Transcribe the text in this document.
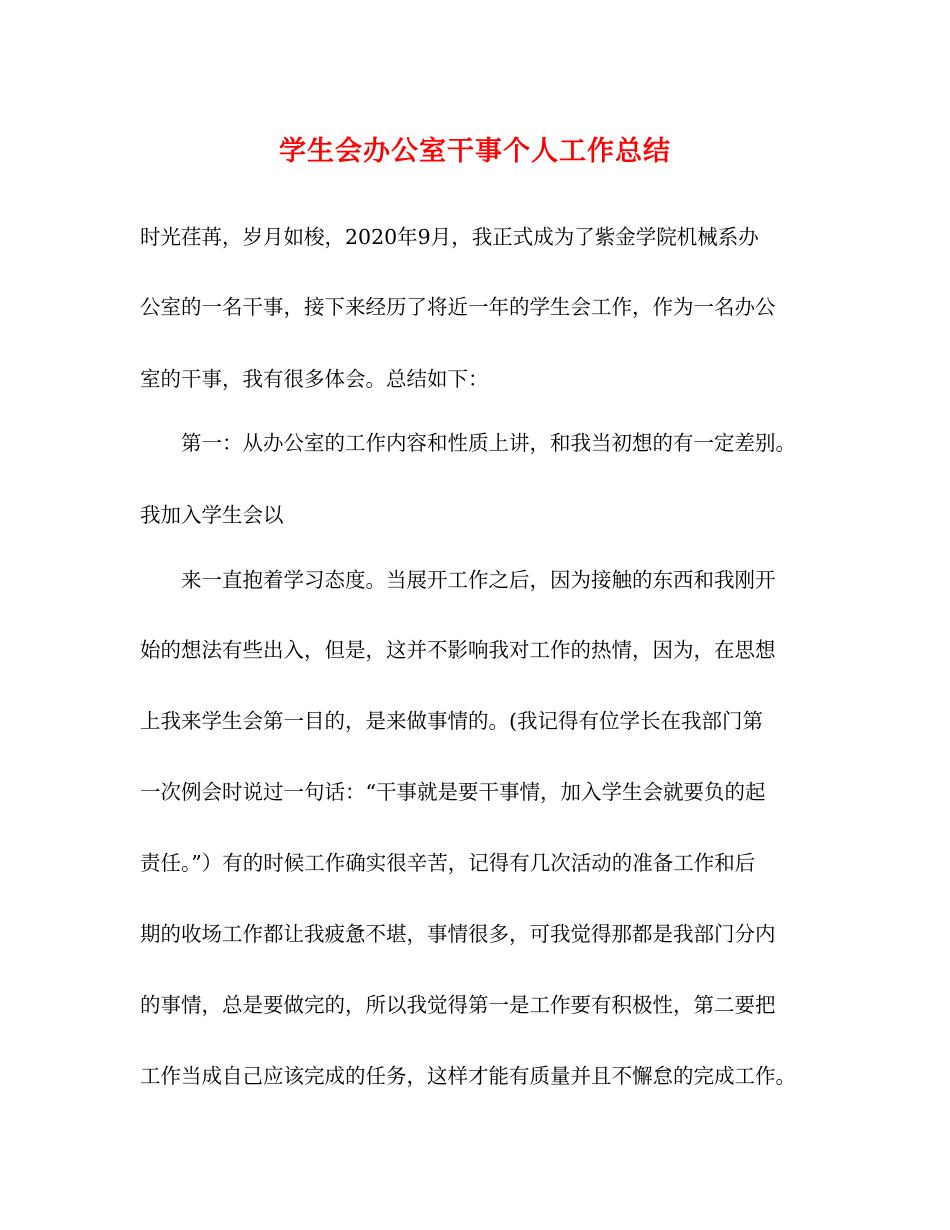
学生会办公室干事个人工作总结
时光荏苒，岁月如梭，2020年9月，我正式成为了紫金学院机械系办
公室的一名干事，接下来经历了将近一年的学生会工作，作为一名办公
室的干事，我有很多体会。总结如下：
　　第一：从办公室的工作内容和性质上讲，和我当初想的有一定差别。
我加入学生会以
　　来一直抱着学习态度。当展开工作之后，因为接触的东西和我刚开
始的想法有些出入，但是，这并不影响我对工作的热情，因为，在思想
上我来学生会第一目的，是来做事情的。(我记得有位学长在我部门第
一次例会时说过一句话：“干事就是要干事情，加入学生会就要负的起
责任。”）有的时候工作确实很辛苦，记得有几次活动的准备工作和后
期的收场工作都让我疲惫不堪，事情很多，可我觉得那都是我部门分内
的事情，总是要做完的，所以我觉得第一是工作要有积极性，第二要把
工作当成自己应该完成的任务，这样才能有质量并且不懈怠的完成工作。
